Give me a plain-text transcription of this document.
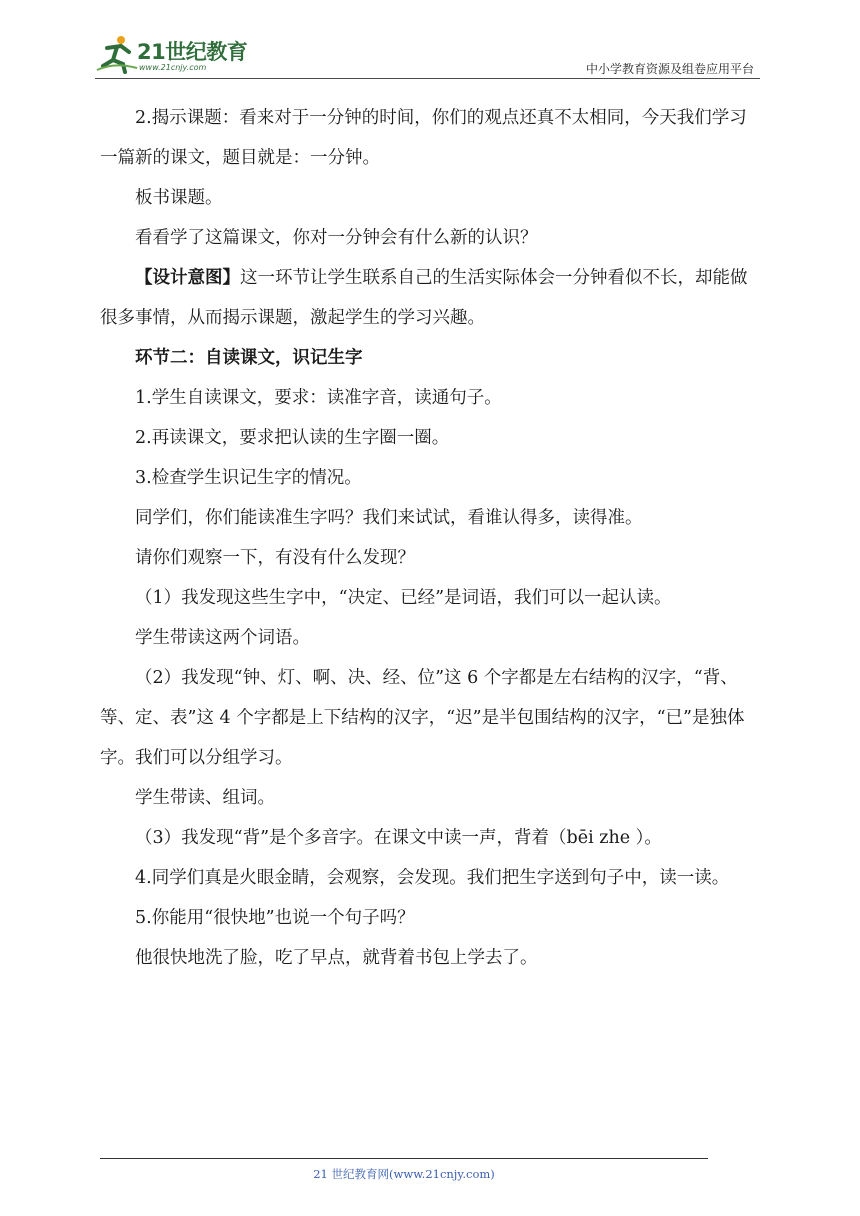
21世纪教育
www.21cnjy.com	中小学教育资源及组卷应用平台

2.揭示课题：看来对于一分钟的时间，你们的观点还真不太相同，今天我们学习一篇新的课文，题目就是：一分钟。

板书课题。

看看学了这篇课文，你对一分钟会有什么新的认识？

【设计意图】这一环节让学生联系自己的生活实际体会一分钟看似不长，却能做很多事情，从而揭示课题，激起学生的学习兴趣。

环节二：自读课文，识记生字

1.学生自读课文，要求：读准字音，读通句子。

2.再读课文，要求把认读的生字圈一圈。

3.检查学生识记生字的情况。

同学们，你们能读准生字吗？我们来试试，看谁认得多，读得准。

请你们观察一下，有没有什么发现？

（1）我发现这些生字中，“决定、已经”是词语，我们可以一起认读。

学生带读这两个词语。

（2）我发现“钟、灯、啊、决、经、位”这 6 个字都是左右结构的汉字，“背、等、定、表”这 4 个字都是上下结构的汉字，“迟”是半包围结构的汉字，“已”是独体字。我们可以分组学习。

学生带读、组词。

（3）我发现“背”是个多音字。在课文中读一声，背着（bēi zhe ）。

4.同学们真是火眼金睛，会观察，会发现。我们把生字送到句子中，读一读。

5.你能用“很快地”也说一个句子吗？

他很快地洗了脸，吃了早点，就背着书包上学去了。

21 世纪教育网(www.21cnjy.com)
